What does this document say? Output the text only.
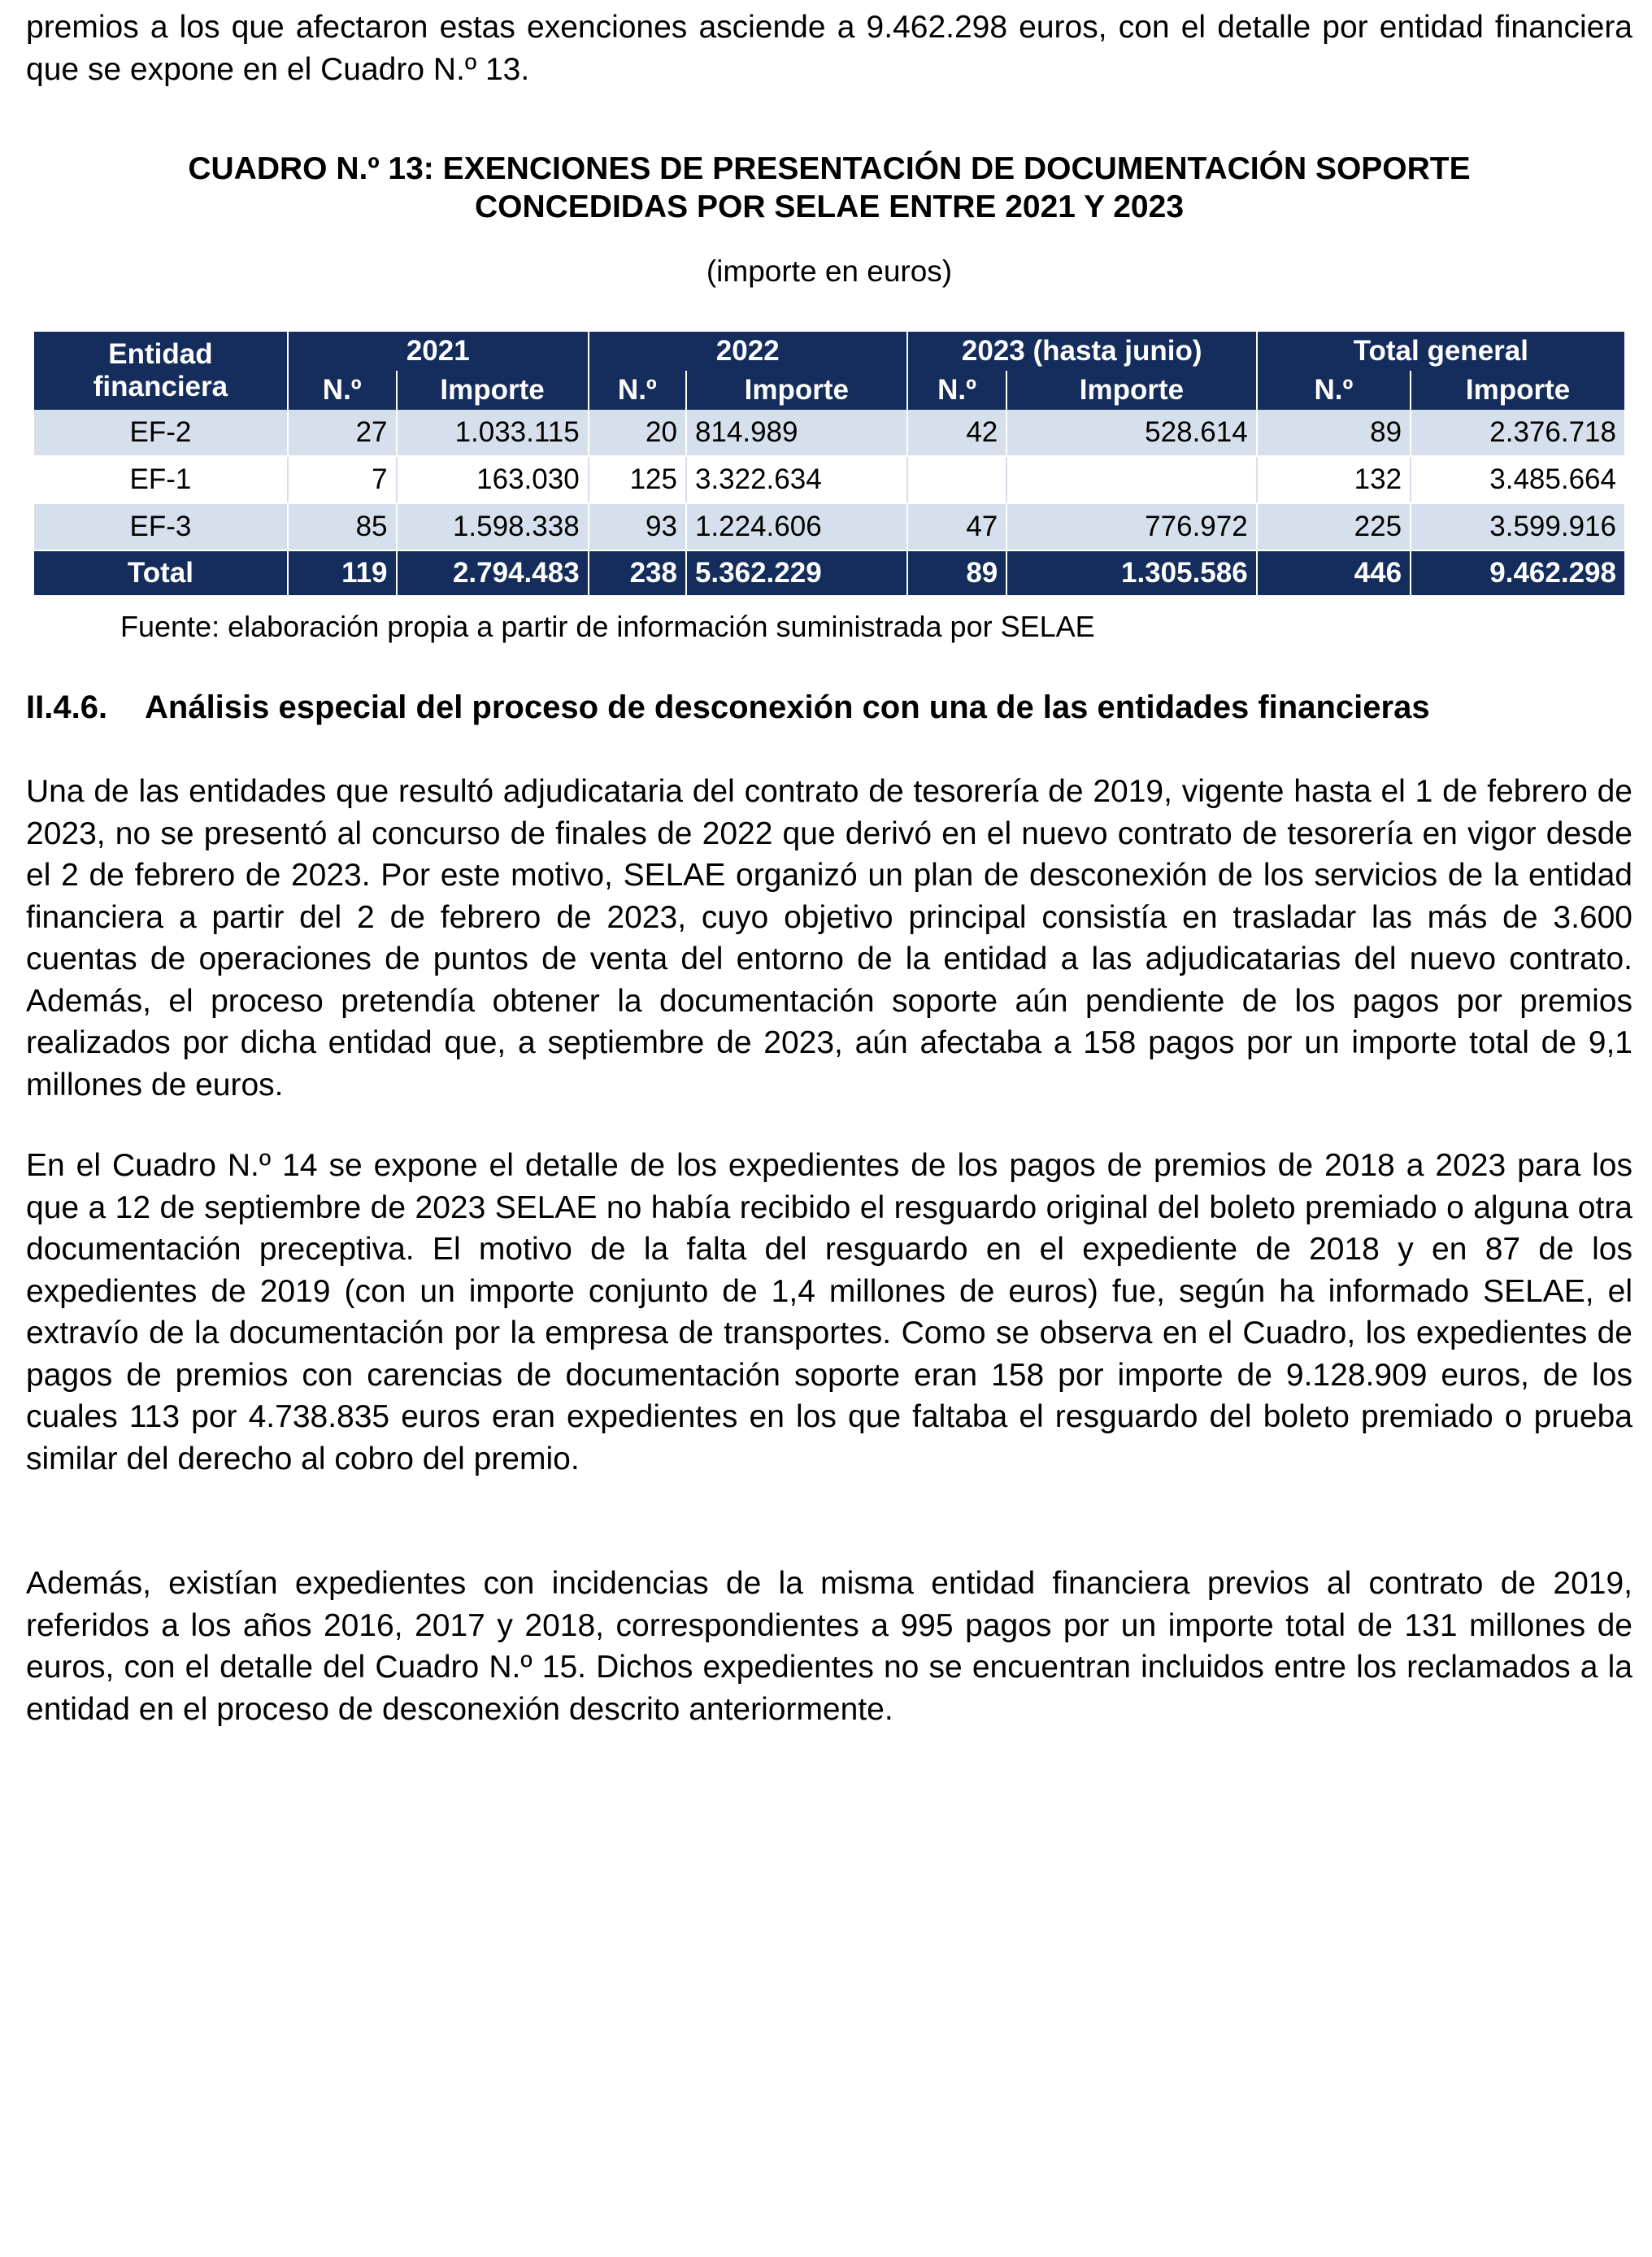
premios a los que afectaron estas exenciones asciende a 9.462.298 euros, con el detalle por entidad financiera que se expone en el Cuadro N.º 13.

CUADRO N.º 13: EXENCIONES DE PRESENTACIÓN DE DOCUMENTACIÓN SOPORTE
CONCEDIDAS POR SELAE ENTRE 2021 Y 2023
(importe en euros)
Entidad
financiera	2021		2022		2023 (hasta junio)		Total general	
	N.º	Importe	N.º	Importe	N.º	Importe	N.º	Importe
EF-2	27	1.033.115	20	814.989	42	528.614	89	2.376.718
EF-1	7	163.030	125	3.322.634			132	3.485.664
EF-3	85	1.598.338	93	1.224.606	47	776.972	225	3.599.916
Total	119	2.794.483	238	5.362.229	89	1.305.586	446	9.462.298
Fuente: elaboración propia a partir de información suministrada por SELAE
II.4.6. Análisis especial del proceso de desconexión con una de las entidades financieras

Una de las entidades que resultó adjudicataria del contrato de tesorería de 2019, vigente hasta el 1 de febrero de 2023, no se presentó al concurso de finales de 2022 que derivó en el nuevo contrato de tesorería en vigor desde el 2 de febrero de 2023. Por este motivo, SELAE organizó un plan de desconexión de los servicios de la entidad financiera a partir del 2 de febrero de 2023, cuyo objetivo principal consistía en trasladar las más de 3.600 cuentas de operaciones de puntos de venta del entorno de la entidad a las adjudicatarias del nuevo contrato. Además, el proceso pretendía obtener la documentación soporte aún pendiente de los pagos por premios realizados por dicha entidad que, a septiembre de 2023, aún afectaba a 158 pagos por un importe total de 9,1 millones de euros.

En el Cuadro N.º 14 se expone el detalle de los expedientes de los pagos de premios de 2018 a 2023 para los que a 12 de septiembre de 2023 SELAE no había recibido el resguardo original del boleto premiado o alguna otra documentación preceptiva. El motivo de la falta del resguardo en el expediente de 2018 y en 87 de los expedientes de 2019 (con un importe conjunto de 1,4 millones de euros) fue, según ha informado SELAE, el extravío de la documentación por la empresa de transportes. Como se observa en el Cuadro, los expedientes de pagos de premios con carencias de documentación soporte eran 158 por importe de 9.128.909 euros, de los cuales 113 por 4.738.835 euros eran expedientes en los que faltaba el resguardo del boleto premiado o prueba similar del derecho al cobro del premio.

Además, existían expedientes con incidencias de la misma entidad financiera previos al contrato de 2019, referidos a los años 2016, 2017 y 2018, correspondientes a 995 pagos por un importe total de 131 millones de euros, con el detalle del Cuadro N.º 15. Dichos expedientes no se encuentran incluidos entre los reclamados a la entidad en el proceso de desconexión descrito anteriormente.
